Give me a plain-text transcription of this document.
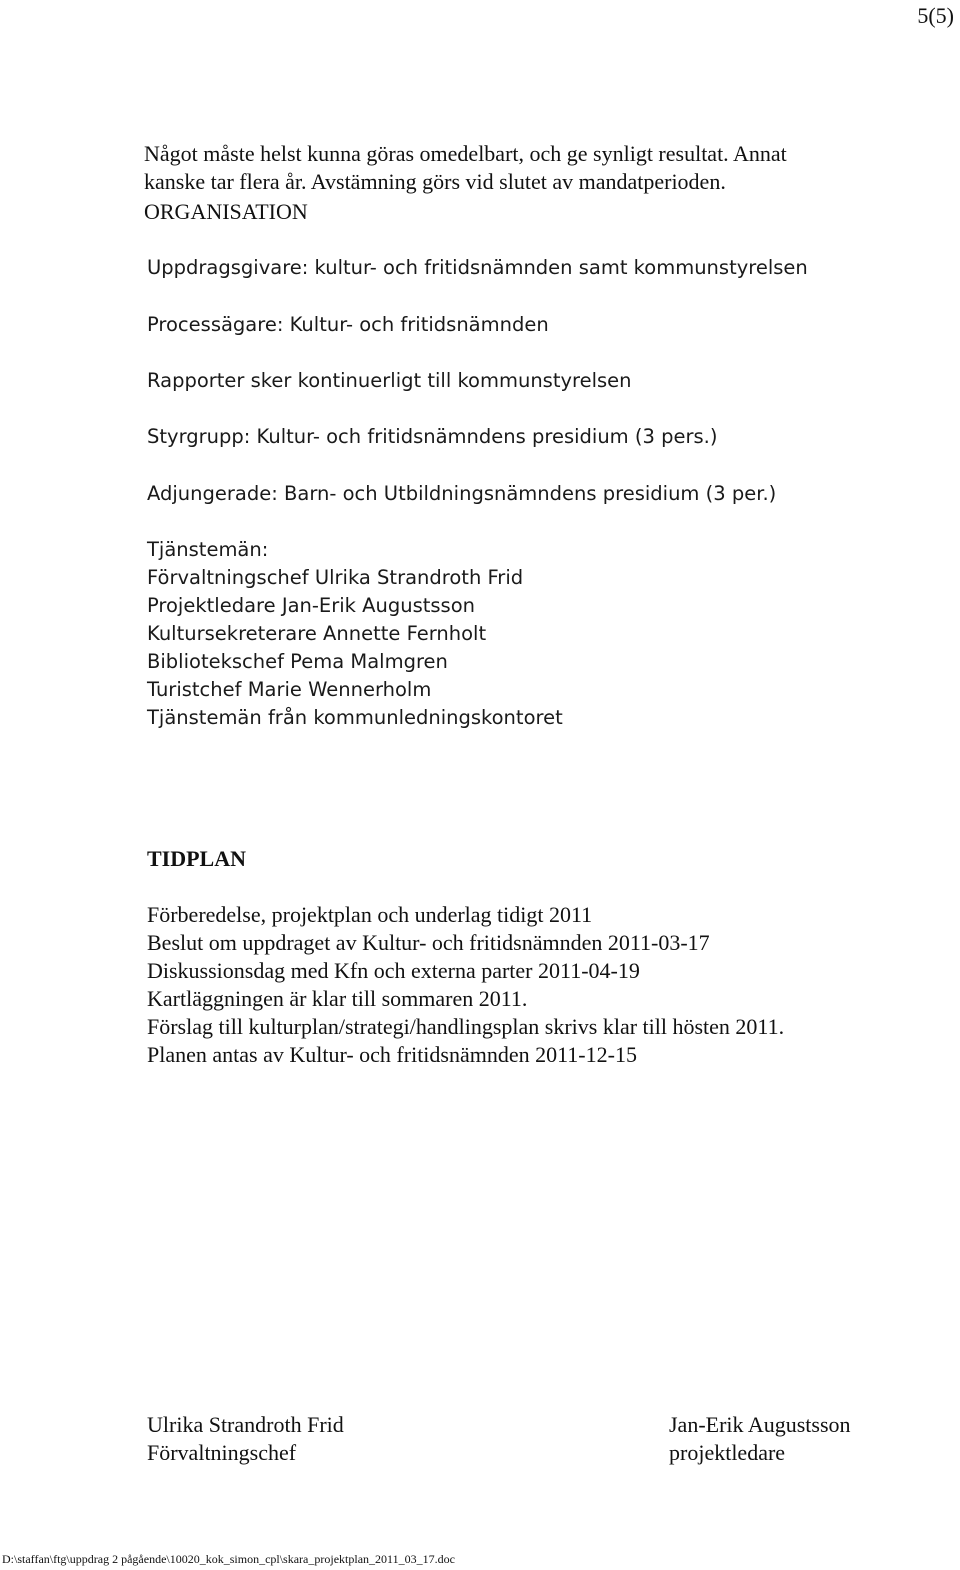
5(5)
Något måste helst kunna göras omedelbart, och ge synligt resultat. Annat
kanske tar flera år. Avstämning görs vid slutet av mandatperioden.
ORGANISATION
Uppdragsgivare: kultur- och fritidsnämnden samt kommunstyrelsen
Processägare: Kultur- och fritidsnämnden
Rapporter sker kontinuerligt till kommunstyrelsen
Styrgrupp: Kultur- och fritidsnämndens presidium (3 pers.)
Adjungerade: Barn- och Utbildningsnämndens presidium (3 per.)
Tjänstemän:
Förvaltningschef Ulrika Strandroth Frid
Projektledare Jan-Erik Augustsson
Kultursekreterare Annette Fernholt
Bibliotekschef Pema Malmgren
Turistchef Marie Wennerholm
Tjänstemän från kommunledningskontoret
TIDPLAN
Förberedelse, projektplan och underlag tidigt 2011
Beslut om uppdraget av Kultur- och fritidsnämnden 2011-03-17
Diskussionsdag med Kfn och externa parter 2011-04-19
Kartläggningen är klar till sommaren 2011.
Förslag till kulturplan/strategi/handlingsplan skrivs klar till hösten 2011.
Planen antas av Kultur- och fritidsnämnden 2011-12-15
Ulrika Strandroth Frid
Förvaltningschef
Jan-Erik Augustsson
projektledare
D:\staffan\ftg\uppdrag 2 pågående\10020_kok_simon_cpl\skara_projektplan_2011_03_17.doc
